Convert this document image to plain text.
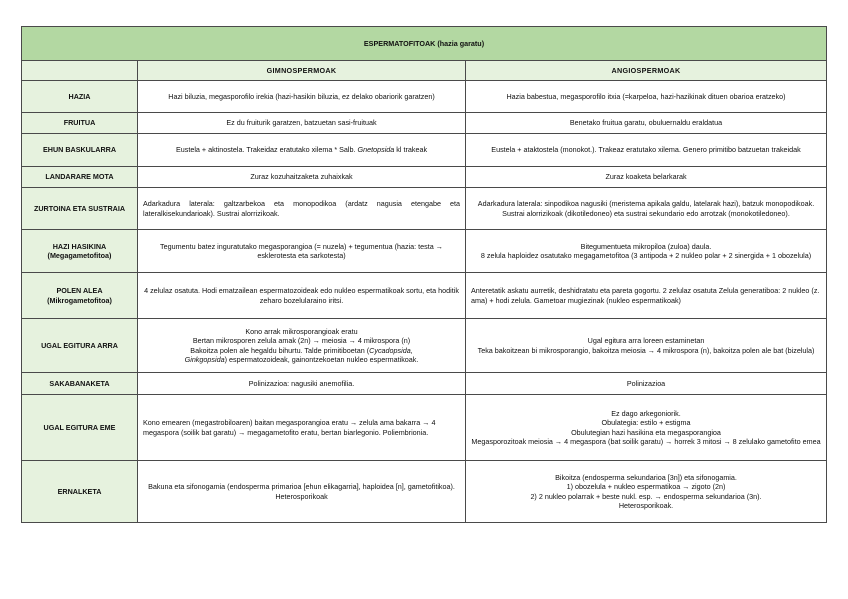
ESPERMATOFITOAK (hazia garatu)		
	GIMNOSPERMOAK	ANGIOSPERMOAK
HAZIA	Hazi biluzia, megasporofilo irekia (hazi-hasikin biluzia, ez delako obariorik garatzen)	Hazia babestua, megasporofilo itxia (=karpeloa, hazi-hazikinak dituen obarioa eratzeko)
FRUITUA	Ez du fruiturik garatzen, batzuetan sasi-fruituak	Benetako fruitua garatu, obuluernaldu eraldatua
EHUN BASKULARRA	Eustela + aktinostela. Trakeidaz eratutako xilema * Salb. Gnetopsida kl trakeak	Eustela + ataktostela (monokot.). Trakeaz eratutako xilema. Genero primitibo batzuetan trakeidak
LANDARARE MOTA	Zuraz kozuhaitzaketa zuhaixkak	Zuraz koaketa belarkarak
ZURTOINA ETA SUSTRAIA	Adarkadura laterala: galtzarbekoa eta monopodikoa (ardatz nagusia etengabe eta lateralkisekundarioak). Sustrai alorrizikoak.	Adarkadura laterala: sinpodikoa nagusiki (meristema apikala galdu, latelarak hazi), batzuk monopodikoak. Sustrai alorrizikoak (dikotiledoneo) eta sustrai sekundario edo arrotzak (monokotiledoneo).

HAZI HASIKINA
(Megagametofitoa)	Tegumentu batez inguratutako megasporangioa (= nuzela) + tegumentua (hazia: testa → esklerotesta eta sarkotesta)	Bitegumentueta mikropiloa (zuloa) daula.
8 zelula haploidez osatutako megagametofitoa (3 antipoda + 2 nukleo polar + 2 sinergida + 1 obozelula)

POLEN ALEA
(Mikrogametofitoa)	4 zelulaz osatuta. Hodi ematzailean espermatozoideak edo nukleo espermatikoak sortu, eta hoditik zeharo bozelularaino iritsi.	Anteretatik askatu aurretik, deshidratatu eta pareta gogortu. 2 zelulaz osatuta Zelula generatiboa: 2 nukleo (z. ama) + hodi zelula. Gametoar mugiezinak (nukleo espermatikoak)
UGAL EGITURA ARRA	Kono arrak mikrosporangioak eratu
Bertan mikrosporen zelula amak (2n) → meiosia → 4 mikrospora (n)
Bakoitza polen ale hegaldu bihurtu. Talde primitiboetan (Cycadopsida,
Ginkgopsida) espermatozoideak, gainontzekoetan nukleo espermatikoak.	Ugal egitura arra loreen estaminetan
Teka bakoitzean bi mikrosporangio, bakoitza meiosia → 4 mikrospora (n), bakoitza polen ale bat (bizelula)

SAKABANAKETA	Polinizazioa: nagusiki anemofilia.	Polinizazioa
UGAL EGITURA EME	Kono emearen (megastrobiloaren) baitan megasporangioa eratu → zelula ama bakarra → 4 megaspora (soilik bat garatu) → megagametofito eratu, bertan biarlegonio. Poliembrionia.	Ez dago arkegoniorik.
Obulategia: estilo + estigma
Obulutegian hazi hasikina eta megasporangioa
Megasporozitoak meiosia → 4 megaspora (bat soilik garatu) → horrek 3 mitosi → 8 zelulako gametofito emea

ERNALKETA	Bakuna eta sifonogamia (endosperma primarioa [ehun elikagarria], haploidea [n], gametofitikoa). Heterosporikoak	Bikoitza (endosperma sekundarioa [3n]) eta sifonogamia.
1) obozelula + nukleo espermatikoa → zigoto (2n)
2) 2 nukleo polarrak + beste nukl. esp. → endosperma sekundarioa (3n).
Heterosporikoak.
